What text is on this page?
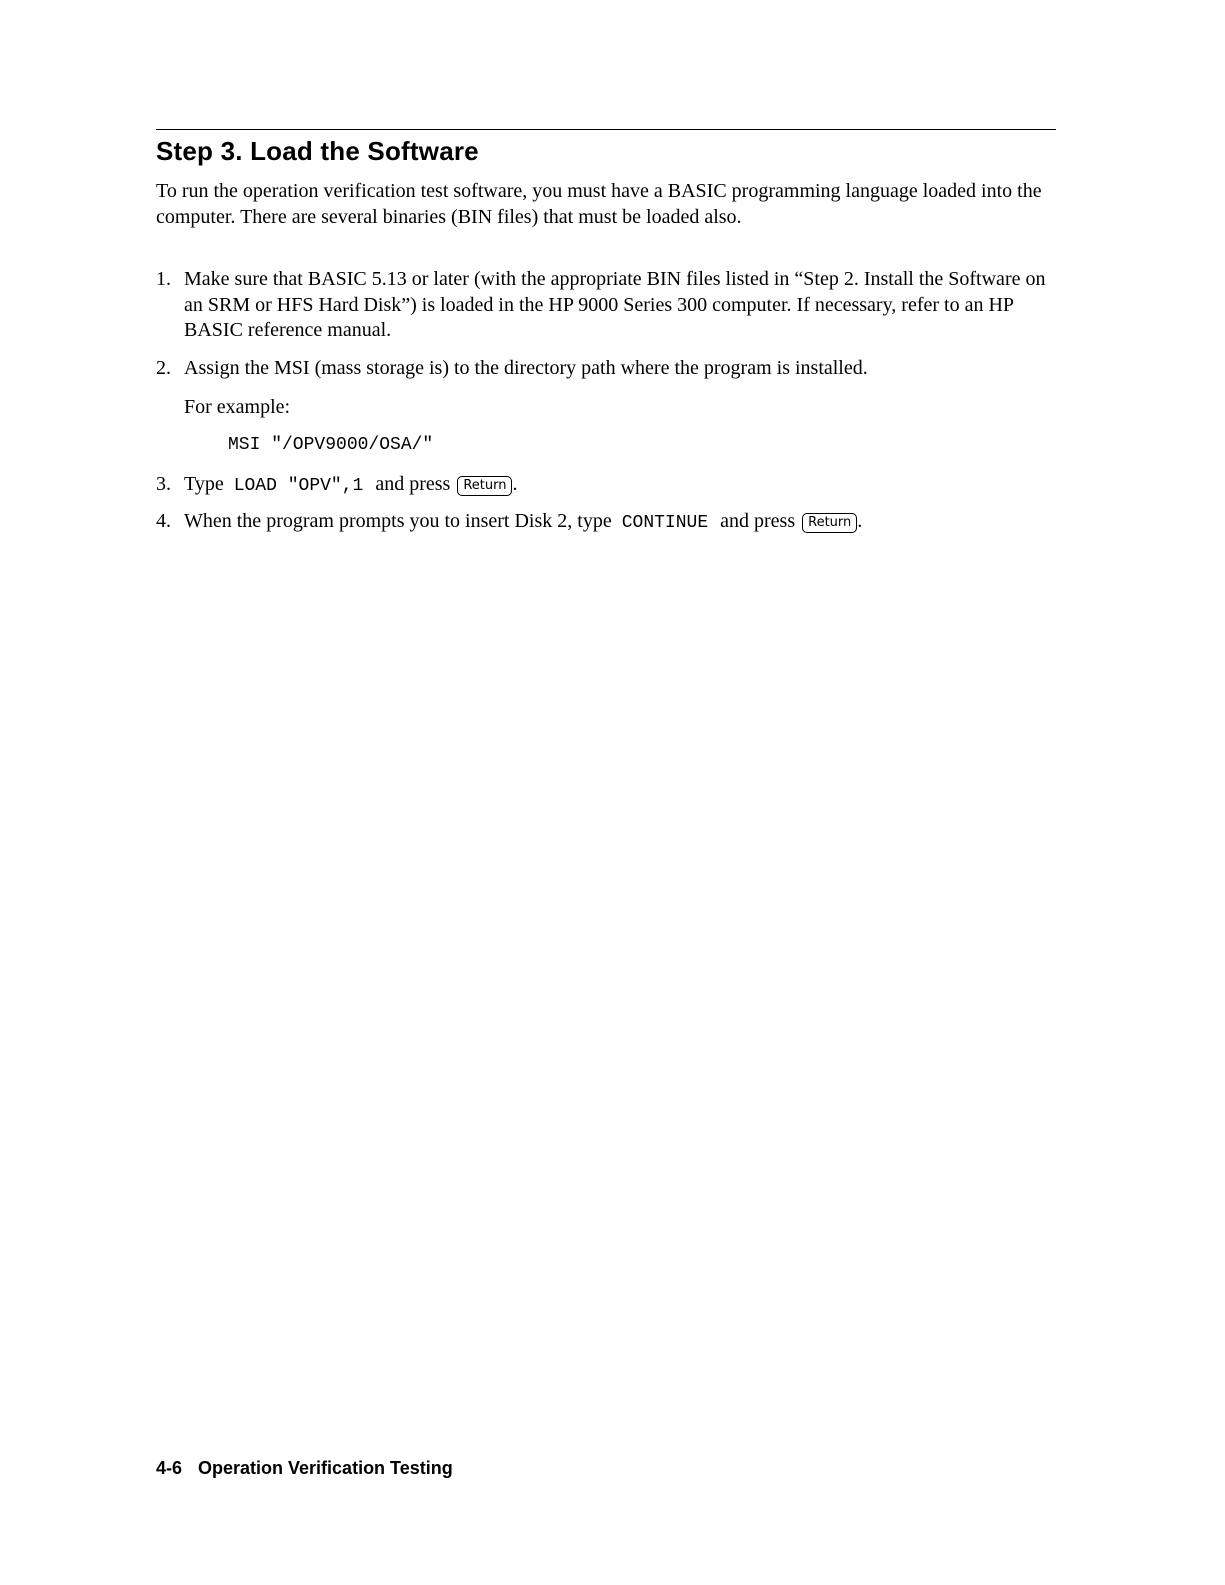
Step 3. Load the Software
To run the operation verification test software, you must have a BASIC programming language loaded into the computer. There are several binaries (BIN files) that must be loaded also.
1. Make sure that BASIC 5.13 or later (with the appropriate BIN files listed in “Step 2. Install the Software on an SRM or HFS Hard Disk”) is loaded in the HP 9000 Series 300 computer. If necessary, refer to an HP BASIC reference manual.
2. Assign the MSI (mass storage is) to the directory path where the program is installed.
For example:
MSI "/OPV9000/OSA/"
3. Type LOAD "OPV",1 and press Return .
4. When the program prompts you to insert Disk 2, type CONTINUE and press Return .
4-6 Operation Verification Testing
